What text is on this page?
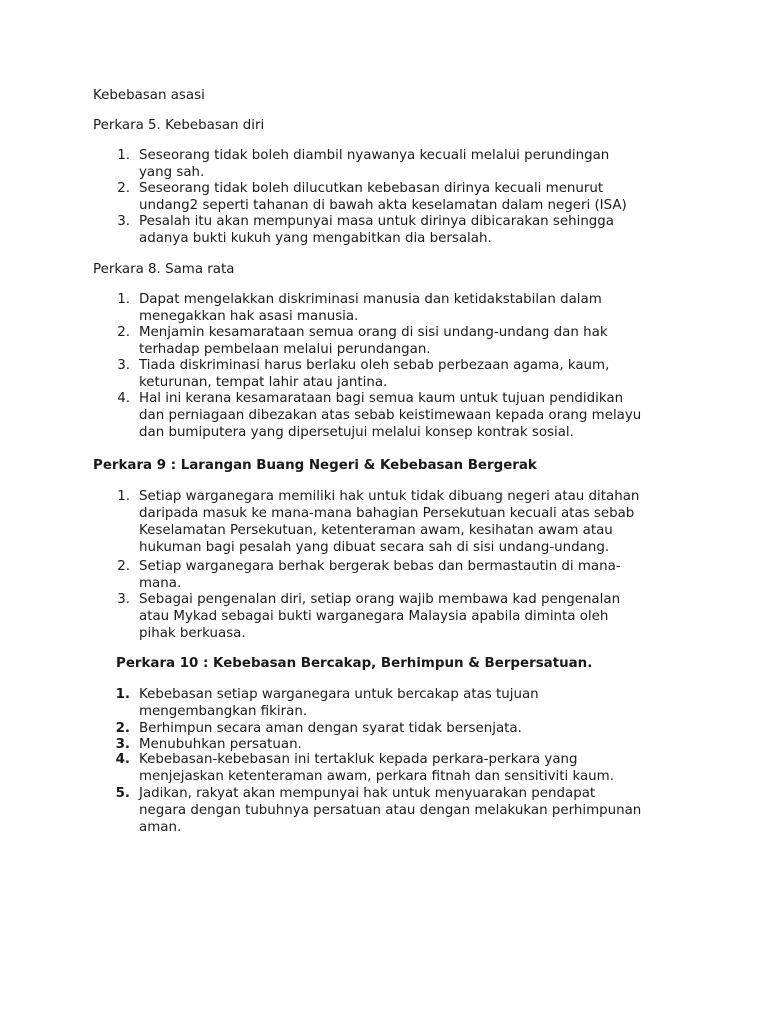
Kebebasan asasi
Perkara 5. Kebebasan diri
1. Seseorang tidak boleh diambil nyawanya kecuali melalui perundingan
yang sah.
2. Seseorang tidak boleh dilucutkan kebebasan dirinya kecuali menurut
undang2 seperti tahanan di bawah akta keselamatan dalam negeri (ISA)
3. Pesalah itu akan mempunyai masa untuk dirinya dibicarakan sehingga
adanya bukti kukuh yang mengabitkan dia bersalah.
Perkara 8. Sama rata
1. Dapat mengelakkan diskriminasi manusia dan ketidakstabilan dalam
menegakkan hak asasi manusia.
2. Menjamin kesamarataan semua orang di sisi undang-undang dan hak
terhadap pembelaan melalui perundangan.
3. Tiada diskriminasi harus berlaku oleh sebab perbezaan agama, kaum,
keturunan, tempat lahir atau jantina.
4. Hal ini kerana kesamarataan bagi semua kaum untuk tujuan pendidikan
dan perniagaan dibezakan atas sebab keistimewaan kepada orang melayu
dan bumiputera yang dipersetujui melalui konsep kontrak sosial.
Perkara 9 : Larangan Buang Negeri & Kebebasan Bergerak
1. Setiap warganegara memiliki hak untuk tidak dibuang negeri atau ditahan
daripada masuk ke mana-mana bahagian Persekutuan kecuali atas sebab
Keselamatan Persekutuan, ketenteraman awam, kesihatan awam atau
hukuman bagi pesalah yang dibuat secara sah di sisi undang-undang.
2. Setiap warganegara berhak bergerak bebas dan bermastautin di mana-
mana.
3. Sebagai pengenalan diri, setiap orang wajib membawa kad pengenalan
atau Mykad sebagai bukti warganegara Malaysia apabila diminta oleh
pihak berkuasa.
Perkara 10 : Kebebasan Bercakap, Berhimpun & Berpersatuan.
1. Kebebasan setiap warganegara untuk bercakap atas tujuan
mengembangkan fikiran.
2. Berhimpun secara aman dengan syarat tidak bersenjata.
3. Menubuhkan persatuan.
4. Kebebasan-kebebasan ini tertakluk kepada perkara-perkara yang
menjejaskan ketenteraman awam, perkara fitnah dan sensitiviti kaum.
5. Jadikan, rakyat akan mempunyai hak untuk menyuarakan pendapat
negara dengan tubuhnya persatuan atau dengan melakukan perhimpunan
aman.
